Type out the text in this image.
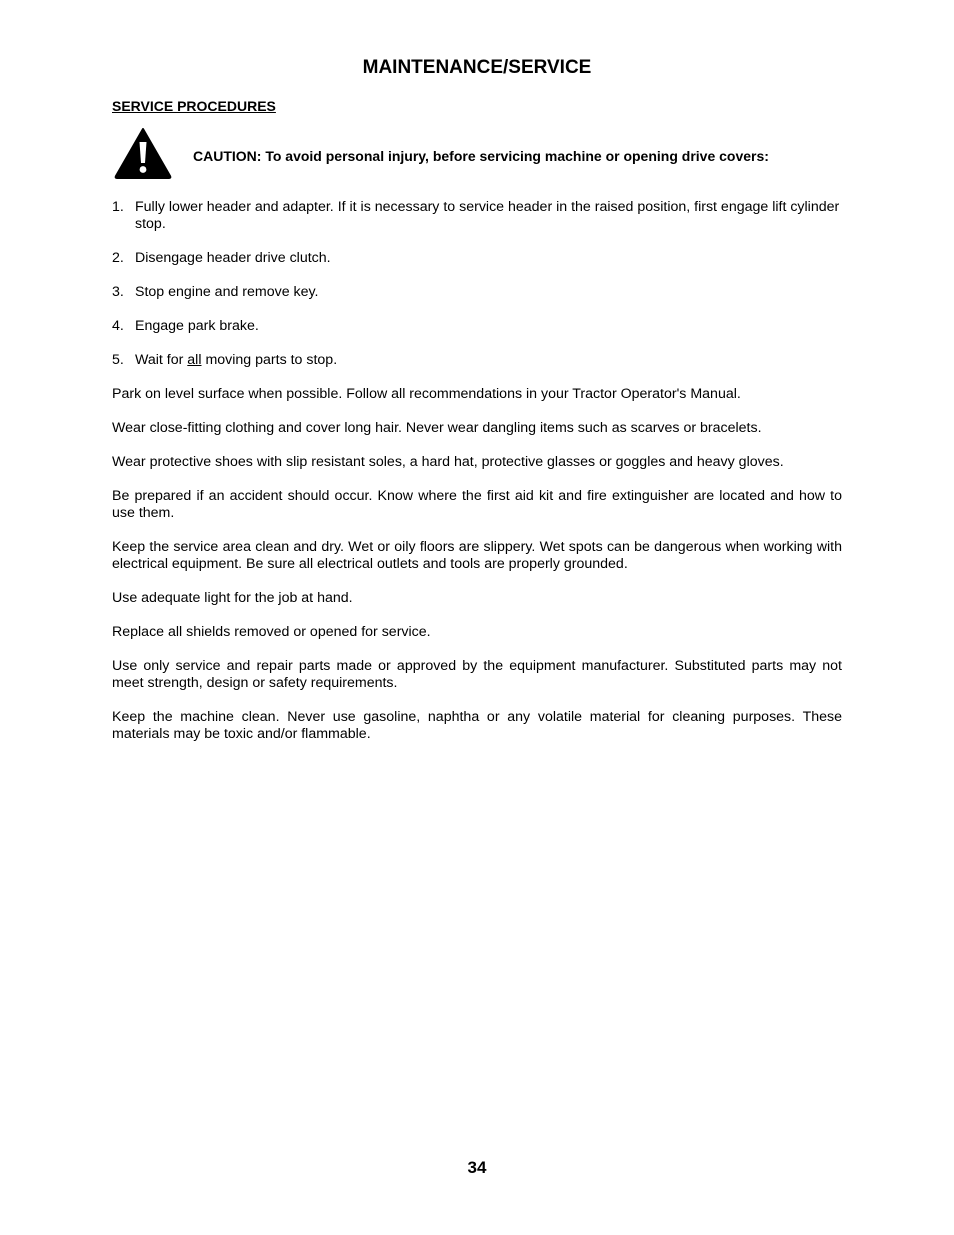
MAINTENANCE/SERVICE
SERVICE PROCEDURES
CAUTION: To avoid personal injury, before servicing machine or opening drive covers:
1. Fully lower header and adapter. If it is necessary to service header in the raised position, first engage lift cylinder stop.
2. Disengage header drive clutch.
3. Stop engine and remove key.
4. Engage park brake.
5. Wait for all moving parts to stop.

Park on level surface when possible. Follow all recommendations in your Tractor Operator's Manual.

Wear close-fitting clothing and cover long hair. Never wear dangling items such as scarves or bracelets.

Wear protective shoes with slip resistant soles, a hard hat, protective glasses or goggles and heavy gloves.

Be prepared if an accident should occur. Know where the first aid kit and fire extinguisher are located and how to use them.

Keep the service area clean and dry. Wet or oily floors are slippery. Wet spots can be dangerous when working with electrical equipment. Be sure all electrical outlets and tools are properly grounded.

Use adequate light for the job at hand.

Replace all shields removed or opened for service.

Use only service and repair parts made or approved by the equipment manufacturer. Substituted parts may not meet strength, design or safety requirements.

Keep the machine clean. Never use gasoline, naphtha or any volatile material for cleaning purposes. These materials may be toxic and/or flammable.

34
